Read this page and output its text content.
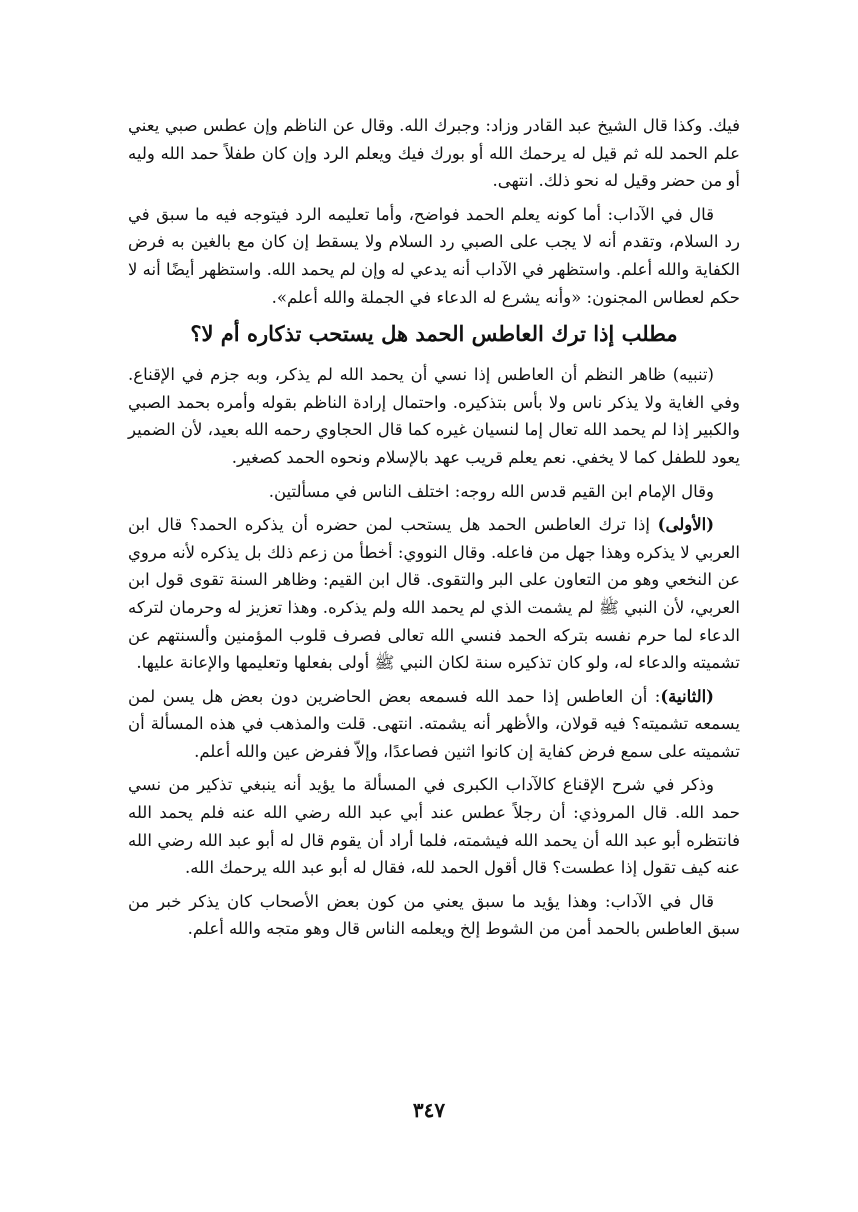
فيك. وكذا قال الشيخ عبد القادر وزاد: وجبرك الله. وقال عن الناظم وإن عطس صبي يعني علم الحمد لله ثم قيل له يرحمك الله أو بورك فيك ويعلم الرد وإن كان طفلاً حمد الله وليه أو من حضر وقيل له نحو ذلك. انتهى.

قال في الآداب: أما كونه يعلم الحمد فواضح، وأما تعليمه الرد فيتوجه فيه ما سبق في رد السلام، وتقدم أنه لا يجب على الصبي رد السلام ولا يسقط إن كان مع بالغين به فرض الكفاية والله أعلم. واستظهر في الآداب أنه يدعي له وإن لم يحمد الله. واستظهر أيضًا أنه لا حكم لعطاس المجنون: «وأنه يشرع له الدعاء في الجملة والله أعلم».

مطلب إذا ترك العاطس الحمد هل يستحب تذكاره أم لا؟

(تنبيه) ظاهر النظم أن العاطس إذا نسي أن يحمد الله لم يذكر، وبه جزم في الإقناع. وفي الغاية ولا يذكر ناس ولا بأس بتذكيره. واحتمال إرادة الناظم بقوله وأمره بحمد الصبي والكبير إذا لم يحمد الله تعال إما لنسيان غيره كما قال الحجاوي رحمه الله بعيد، لأن الضمير يعود للطفل كما لا يخفي. نعم يعلم قريب عهد بالإسلام ونحوه الحمد كصغير.

وقال الإمام ابن القيم قدس الله روجه: اختلف الناس في مسألتين.

(الأولى) إذا ترك العاطس الحمد هل يستحب لمن حضره أن يذكره الحمد؟ قال ابن العربي لا يذكره وهذا جهل من فاعله. وقال النووي: أخطأ من زعم ذلك بل يذكره لأنه مروي عن النخعي وهو من التعاون على البر والتقوى. قال ابن القيم: وظاهر السنة تقوى قول ابن العربي، لأن النبي ﷺ لم يشمت الذي لم يحمد الله ولم يذكره. وهذا تعزيز له وحرمان لتركه الدعاء لما حرم نفسه بتركه الحمد فنسي الله تعالى فصرف قلوب المؤمنين وألسنتهم عن تشميته والدعاء له، ولو كان تذكيره سنة لكان النبي ﷺ أولى بفعلها وتعليمها والإعانة عليها.

(الثانية): أن العاطس إذا حمد الله فسمعه بعض الحاضرين دون بعض هل يسن لمن يسمعه تشميته؟ فيه قولان، والأظهر أنه يشمته. انتهى. قلت والمذهب في هذه المسألة أن تشميته على سمع فرض كفاية إن كانوا اثنين فصاعدًا، وإلاّ ففرض عين والله أعلم.

وذكر في شرح الإقناع كالآداب الكبرى في المسألة ما يؤيد أنه ينبغي تذكير من نسي حمد الله. قال المروذي: أن رجلاً عطس عند أبي عبد الله رضي الله عنه فلم يحمد الله فانتظره أبو عبد الله أن يحمد الله فيشمته، فلما أراد أن يقوم قال له أبو عبد الله رضي الله عنه كيف تقول إذا عطست؟ قال أقول الحمد لله، فقال له أبو عبد الله يرحمك الله.

قال في الآداب: وهذا يؤيد ما سبق يعني من كون بعض الأصحاب كان يذكر خبر من سبق العاطس بالحمد أمن من الشوط إلخ ويعلمه الناس قال وهو متجه والله أعلم.

٣٤٧
